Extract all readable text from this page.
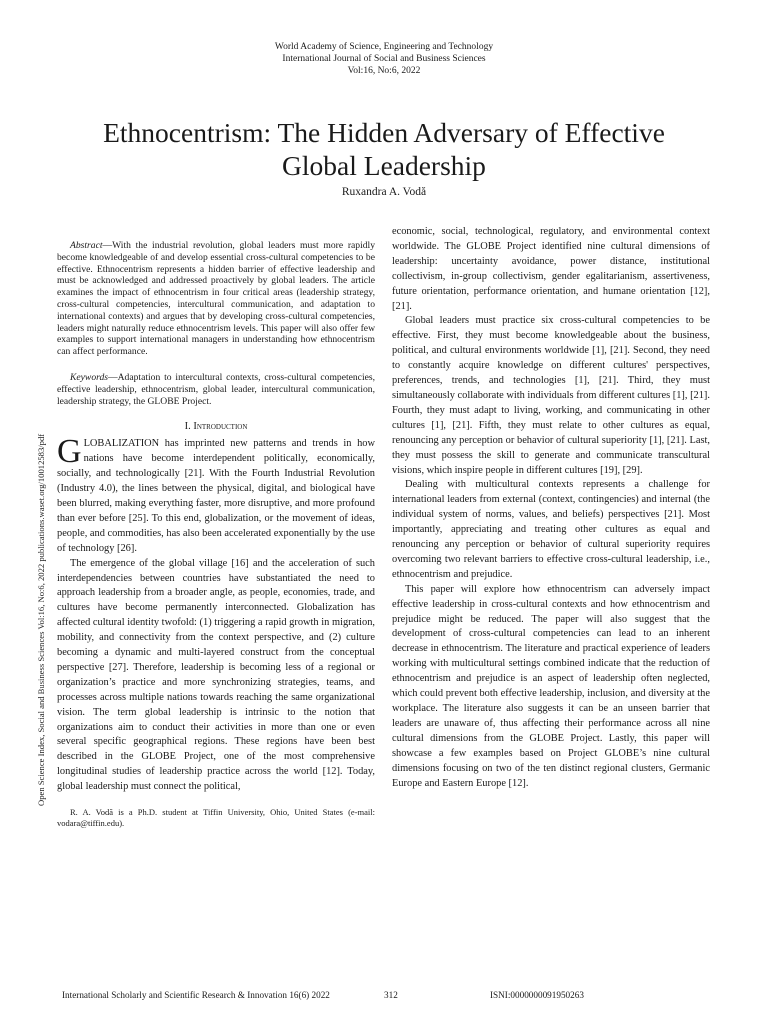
World Academy of Science, Engineering and Technology
International Journal of Social and Business Sciences
Vol:16, No:6, 2022
Ethnocentrism: The Hidden Adversary of Effective
Global Leadership
Ruxandra A. Vodă
Open Science Index, Social and Business Sciences Vol:16, No:6, 2022 publications.waset.org/10012583/pdf

Abstract—With the industrial revolution, global leaders must more rapidly become knowledgeable of and develop essential cross-cultural competencies to be effective. Ethnocentrism represents a hidden barrier of effective leadership and must be acknowledged and addressed proactively by global leaders. The article examines the impact of ethnocentrism in four critical areas (leadership strategy, cross-cultural competencies, intercultural communication, and adaptation to international contexts) and argues that by developing cross-cultural competencies, leaders might naturally reduce ethnocentrism levels. This paper will also offer few examples to support international managers in understanding how ethnocentrism can affect performance.

Keywords—Adaptation to intercultural contexts, cross-cultural competencies, effective leadership, ethnocentrism, global leader, intercultural communication, leadership strategy, the GLOBE Project.

I. Introduction

GLOBALIZATION has imprinted new patterns and trends in how nations have become interdependent politically, economically, socially, and technologically [21]. With the Fourth Industrial Revolution (Industry 4.0), the lines between the physical, digital, and biological have been blurred, making everything faster, more disruptive, and more profound than ever before [25]. To this end, globalization, or the movement of ideas, people, and commodities, has also been accelerated exponentially by the use of technology [26].

The emergence of the global village [16] and the acceleration of such interdependencies between countries have substantiated the need to approach leadership from a broader angle, as people, economies, trade, and cultures have become permanently interconnected. Globalization has affected cultural identity twofold: (1) triggering a rapid growth in migration, mobility, and connectivity from the context perspective, and (2) culture becoming a dynamic and multi-layered construct from the conceptual perspective [27]. Therefore, leadership is becoming less of a regional or organization’s practice and more synchronizing strategies, teams, and processes across multiple nations towards reaching the same organizational vision. The term global leadership is intrinsic to the notion that organizations aim to conduct their activities in more than one or even several specific geographical regions. These regions have been best described in the GLOBE Project, one of the most comprehensive longitudinal studies of leadership practice across the world [12]. Today, global leadership must connect the political,

R. A. Vodă is a Ph.D. student at Tiffin University, Ohio, United States (e-mail: vodara@tiffin.edu).

economic, social, technological, regulatory, and environmental context worldwide. The GLOBE Project identified nine cultural dimensions of leadership: uncertainty avoidance, power distance, institutional collectivism, in-group collectivism, gender egalitarianism, assertiveness, future orientation, performance orientation, and humane orientation [12], [21].

Global leaders must practice six cross-cultural competencies to be effective. First, they must become knowledgeable about the business, political, and cultural environments worldwide [1], [21]. Second, they need to constantly acquire knowledge on different cultures' perspectives, preferences, trends, and technologies [1], [21]. Third, they must simultaneously collaborate with individuals from different cultures [1], [21]. Fourth, they must adapt to living, working, and communicating in other cultures [1], [21]. Fifth, they must relate to other cultures as equal, renouncing any perception or behavior of cultural superiority [1], [21]. Last, they must possess the skill to generate and communicate transcultural visions, which inspire people in different cultures [19], [29].

Dealing with multicultural contexts represents a challenge for international leaders from external (context, contingencies) and internal (the individual system of norms, values, and beliefs) perspectives [21]. Most importantly, appreciating and treating other cultures as equal and renouncing any perception or behavior of cultural superiority requires overcoming two relevant barriers to effective cross-cultural leadership, i.e., ethnocentrism and prejudice.

This paper will explore how ethnocentrism can adversely impact effective leadership in cross-cultural contexts and how ethnocentrism and prejudice might be reduced. The paper will also suggest that the development of cross-cultural competencies can lead to an inherent decrease in ethnocentrism. The literature and practical experience of leaders working with multicultural settings combined indicate that the reduction of ethnocentrism and prejudice is an aspect of leadership often neglected, which could prevent both effective leadership, inclusion, and diversity at the workplace. The literature also suggests it can be an unseen barrier that leaders are unaware of, thus affecting their performance across all nine cultural dimensions from the GLOBE Project. Lastly, this paper will showcase a few examples based on Project GLOBE’s nine cultural dimensions focusing on two of the ten distinct regional clusters, Germanic Europe and Eastern Europe [12].

International Scholarly and Scientific Research & Innovation 16(6) 2022	312	ISNI:0000000091950263
